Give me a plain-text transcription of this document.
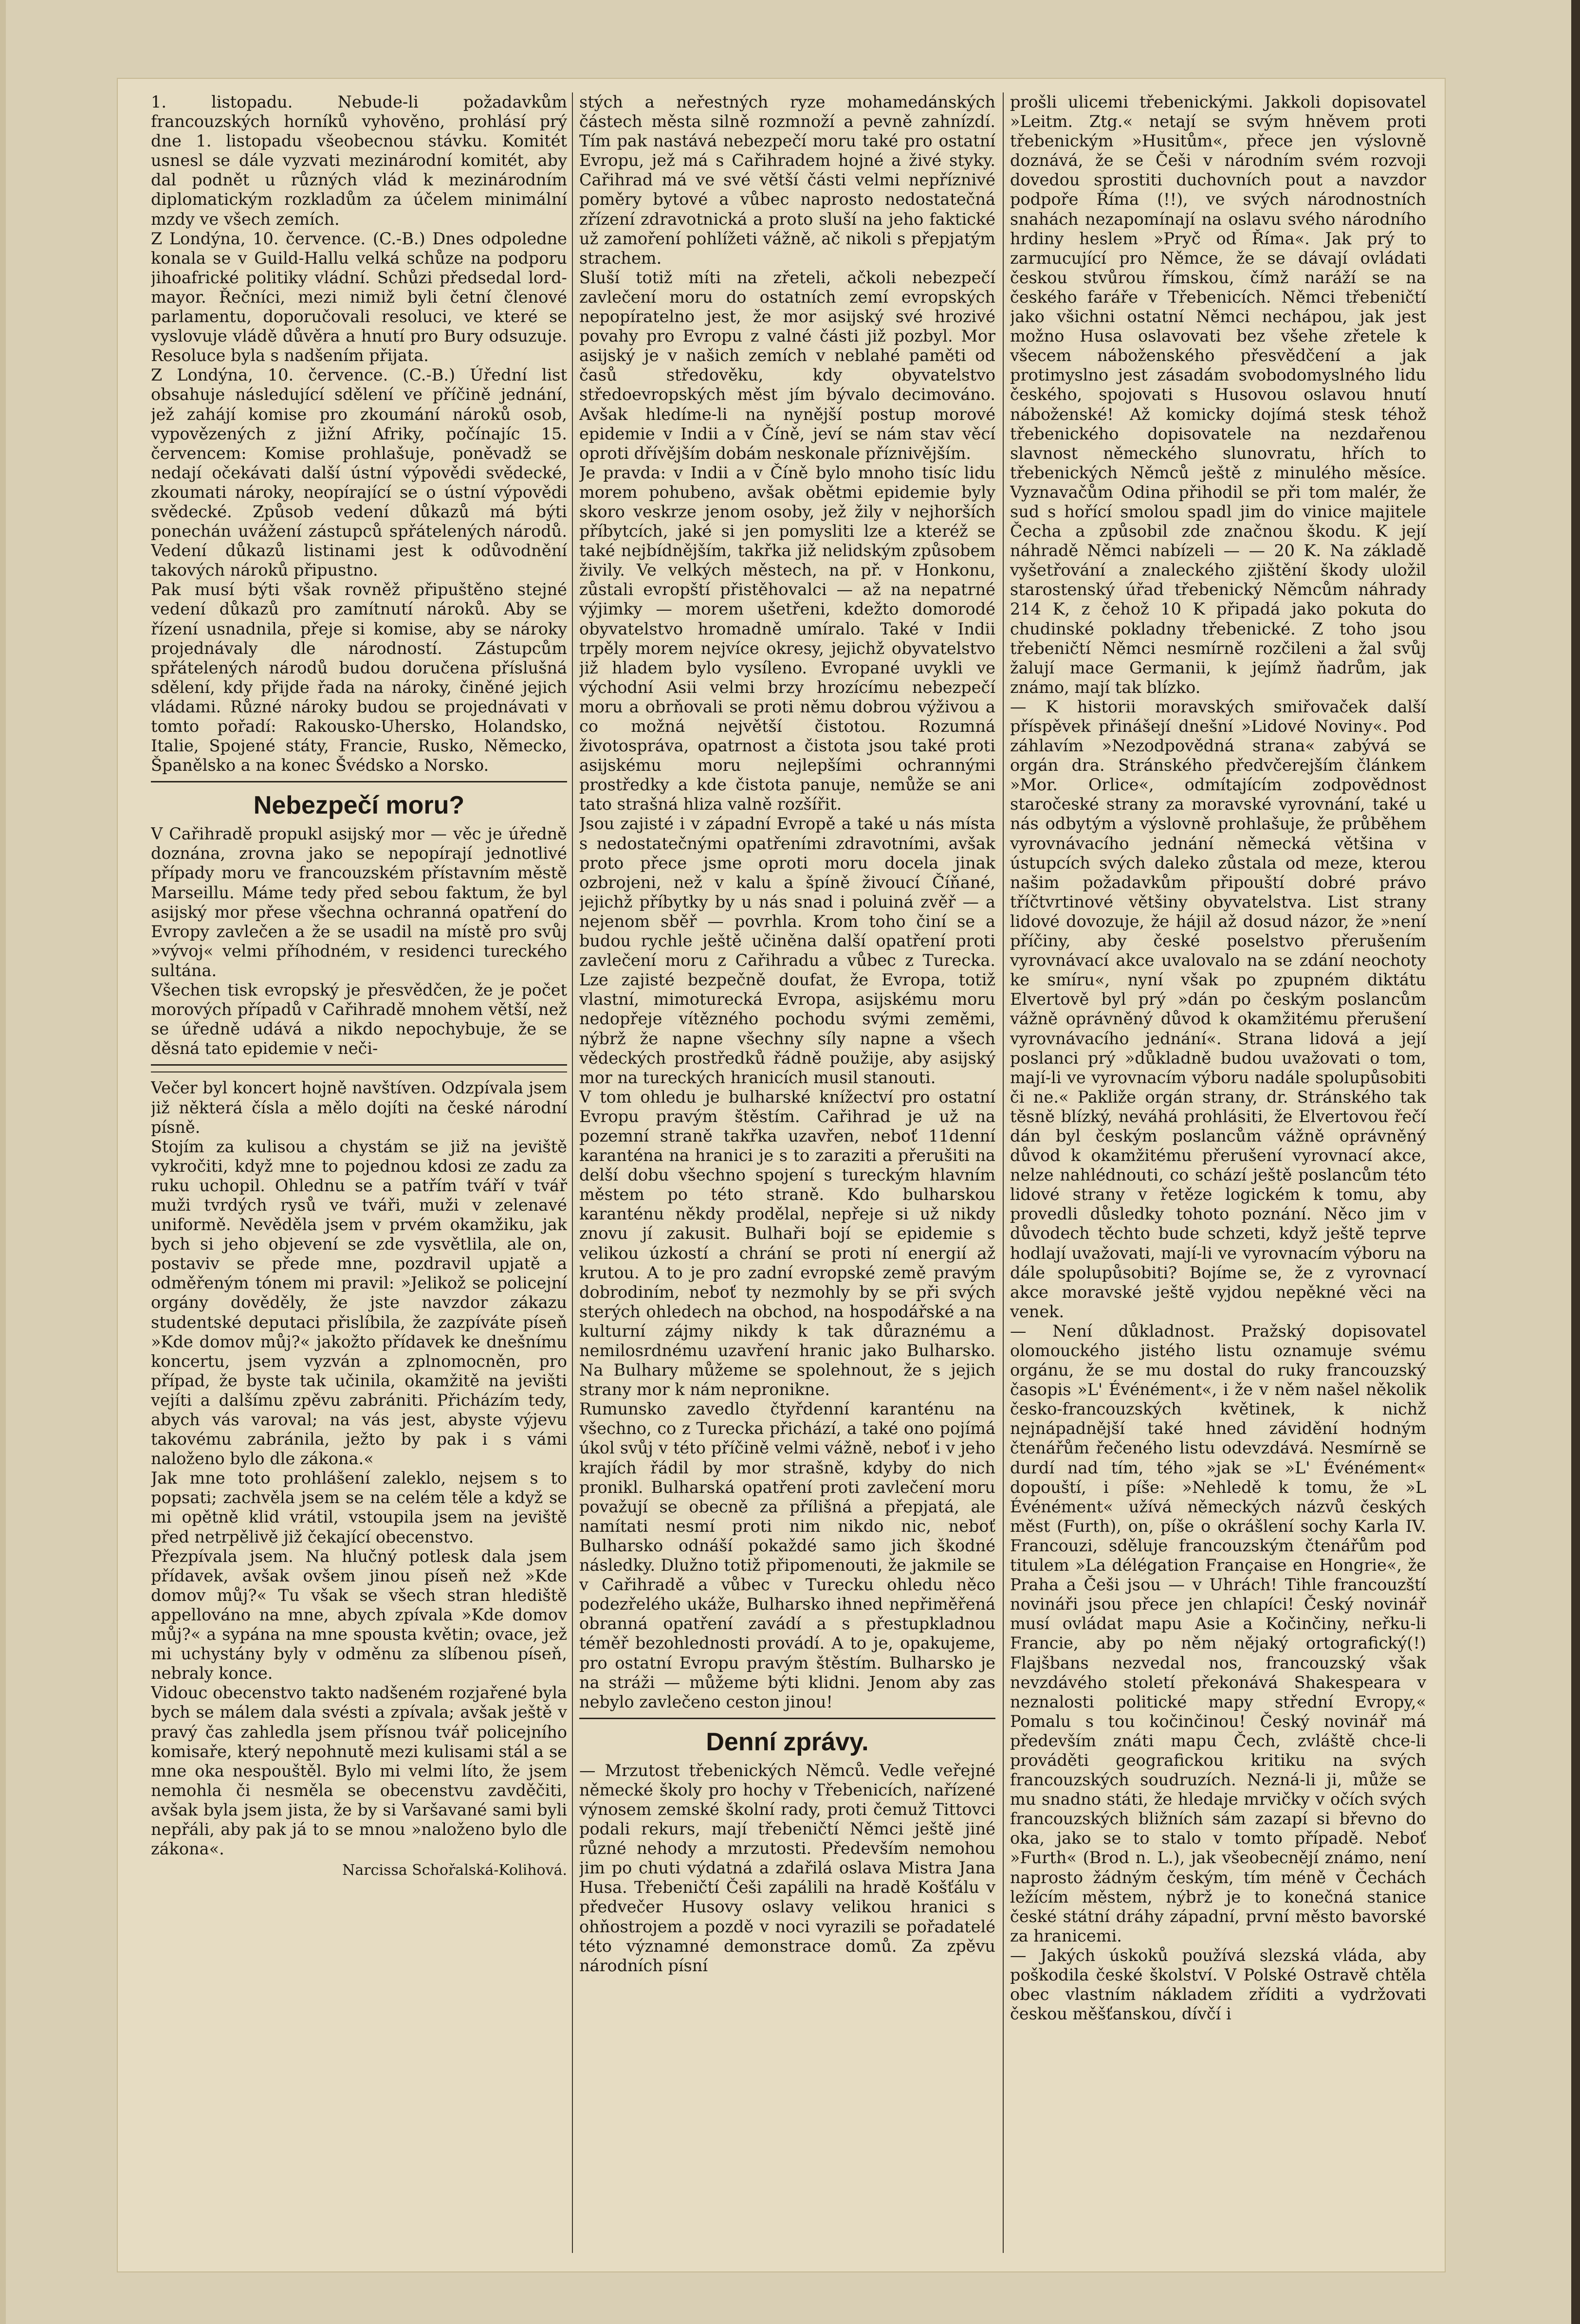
1. listopadu. Nebude-li požadavkům francouzských horníků vyhověno, prohlásí prý dne 1. listopadu všeobecnou stávku. Komitét usnesl se dále vyzvati mezinárodní komitét, aby dal podnět u různých vlád k mezinárodním diplomatickým rozkladům za účelem minimální mzdy ve všech zemích.

Z Londýna, 10. července. (C.-B.) Dnes odpoledne konala se v Guild-Hallu velká schůze na podporu jihoafrické politiky vládní. Schůzi předsedal lord-mayor. Řečníci, mezi nimiž byli četní členové parlamentu, doporučovali resoluci, ve které se vyslovuje vládě důvěra a hnutí pro Bury odsuzuje. Resoluce byla s nadšením přijata.

Z Londýna, 10. července. (C.-B.) Úřední list obsahuje následující sdělení ve příčině jednání, jež zahájí komise pro zkoumání nároků osob, vypovězených z jižní Afriky, počínajíc 15. červencem: Komise prohlašuje, poněvadž se nedají očekávati další ústní výpovědi svědecké, zkoumati nároky, neopírající se o ústní výpovědi svědecké. Způsob vedení důkazů má býti ponechán uvážení zástupců spřátelených národů. Vedení důkazů listinami jest k odůvodnění takových nároků připustno.

Pak musí býti však rovněž připuštěno stejné vedení důkazů pro zamítnutí nároků. Aby se řízení usnadnila, přeje si komise, aby se nároky projednávaly dle národností. Zástupcům spřátelených národů budou doručena příslušná sdělení, kdy přijde řada na nároky, činěné jejich vládami. Různé nároky budou se projednávati v tomto pořadí: Rakousko-Uhersko, Holandsko, Italie, Spojené státy, Francie, Rusko, Německo, Španělsko a na konec Švédsko a Norsko.

Nebezpečí moru?

V Cařihradě propukl asijský mor — věc je úředně doznána, zrovna jako se nepopírají jednotlivé případy moru ve francouzském přístavním městě Marseillu. Máme tedy před sebou faktum, že byl asijský mor přese všechna ochranná opatření do Evropy zavlečen a že se usadil na místě pro svůj »vývoj« velmi příhodném, v residenci tureckého sultána.

Všechen tisk evropský je přesvědčen, že je počet morových případů v Cařihradě mnohem větší, než se úředně udává a nikdo nepochybuje, že se děsná tato epidemie v neči-

Večer byl koncert hojně navštíven. Odzpívala jsem již některá čísla a mělo dojíti na české národní písně.

Stojím za kulisou a chystám se již na jeviště vykročiti, když mne to pojednou kdosi ze zadu za ruku uchopil. Ohlednu se a patřím tváří v tvář muži tvrdých rysů ve tváři, muži v zelenavé uniformě. Nevěděla jsem v prvém okamžiku, jak bych si jeho objevení se zde vysvětlila, ale on, postaviv se přede mne, pozdravil upjatě a odměřeným tónem mi pravil: »Jelikož se policejní orgány dověděly, že jste navzdor zákazu studentské deputaci přislíbila, že zazpíváte píseň »Kde domov můj?« jakožto přídavek ke dnešnímu koncertu, jsem vyzván a zplnomocněn, pro případ, že byste tak učinila, okamžitě na jevišti vejíti a dalšímu zpěvu zabrániti. Přicházím tedy, abych vás varoval; na vás jest, abyste výjevu takovému zabránila, ježto by pak i s vámi naloženo bylo dle zákona.«

Jak mne toto prohlášení zaleklo, nejsem s to popsati; zachvěla jsem se na celém těle a když se mi opětně klid vrátil, vstoupila jsem na jeviště před netrpělivě již čekající obecenstvo.

Přezpívala jsem. Na hlučný potlesk dala jsem přídavek, avšak ovšem jinou píseň než »Kde domov můj?« Tu však se všech stran hlediště appellováno na mne, abych zpívala »Kde domov můj?« a sypána na mne spousta květin; ovace, jež mi uchystány byly v odměnu za slíbenou píseň, nebraly konce.

Vidouc obecenstvo takto nadšeném rozjařené byla bych se málem dala svésti a zpívala; avšak ještě v pravý čas zahledla jsem přísnou tvář policejního komisaře, který nepohnutě mezi kulisami stál a se mne oka nespouštěl. Bylo mi velmi líto, že jsem nemohla či nesměla se obecenstvu zavděčiti, avšak byla jsem jista, že by si Varšavané sami byli nepřáli, aby pak já to se mnou »naloženo bylo dle zákona«.

Narcissa Schořalská-Kolihová.

stých a neřestných ryze mohamedánských částech města silně rozmnoží a pevně zahnízdí. Tím pak nastává nebezpečí moru také pro ostatní Evropu, jež má s Cařihradem hojné a živé styky. Cařihrad má ve své větší části velmi nepříznivé poměry bytové a vůbec naprosto nedostatečná zřízení zdravotnická a proto sluší na jeho faktické už zamoření pohlížeti vážně, ač nikoli s přepjatým strachem.

Sluší totiž míti na zřeteli, ačkoli nebezpečí zavlečení moru do ostatních zemí evropských nepopíratelno jest, že mor asijský své hrozivé povahy pro Evropu z valné části již pozbyl. Mor asijský je v našich zemích v neblahé paměti od časů středověku, kdy obyvatelstvo středoevropských měst jím bývalo decimováno. Avšak hledíme-li na nynější postup morové epidemie v Indii a v Číně, jeví se nám stav věcí oproti dřívějším dobám neskonale příznivějším.

Je pravda: v Indii a v Číně bylo mnoho tisíc lidu morem pohubeno, avšak obětmi epidemie byly skoro veskrze jenom osoby, jež žily v nejhorších příbytcích, jaké si jen pomysliti lze a kteréž se také nejbídnějším, takřka již nelidským způsobem živily. Ve velkých městech, na př. v Honkonu, zůstali evropští přistěhovalci — až na nepatrné výjimky — morem ušetřeni, kdežto domorodé obyvatelstvo hromadně umíralo. Také v Indii trpěly morem nejvíce okresy, jejichž obyvatelstvo již hladem bylo vysíleno. Evropané uvykli ve východní Asii velmi brzy hrozícímu nebezpečí moru a obrňovali se proti němu dobrou výživou a co možná největší čistotou. Rozumná životospráva, opatrnost a čistota jsou také proti asijskému moru nejlepšími ochrannými prostředky a kde čistota panuje, nemůže se ani tato strašná hliza valně rozšířit.

Jsou zajisté i v západní Evropě a také u nás místa s nedostatečnými opatřeními zdravotními, avšak proto přece jsme oproti moru docela jinak ozbrojeni, než v kalu a špíně živoucí Číňané, jejichž příbytky by u nás snad i poluiná zvěř — a nejenom sběř — povrhla. Krom toho činí se a budou rychle ještě učiněna další opatření proti zavlečení moru z Cařihradu a vůbec z Turecka. Lze zajisté bezpečně doufat, že Evropa, totiž vlastní, mimoturecká Evropa, asijskému moru nedopřeje vítězného pochodu svými zeměmi, nýbrž že napne všechny síly napne a všech vědeckých prostředků řádně použije, aby asijský mor na tureckých hranicích musil stanouti.

V tom ohledu je bulharské knížectví pro ostatní Evropu pravým štěstím. Cařihrad je už na pozemní straně takřka uzavřen, neboť 11denní karanténa na hranici je s to zaraziti a přerušiti na delší dobu všechno spojení s tureckým hlavním městem po této straně. Kdo bulharskou karanténu někdy prodělal, nepřeje si už nikdy znovu jí zakusit. Bulhaři bojí se epidemie s velikou úzkostí a chrání se proti ní energií až krutou. A to je pro zadní evropské země pravým dobrodiním, neboť ty nezmohly by se při svých sterých ohledech na obchod, na hospodářské a na kulturní zájmy nikdy k tak důraznému a nemilosrdnému uzavření hranic jako Bulharsko. Na Bulhary můžeme se spolehnout, že s jejich strany mor k nám nepronikne.

Rumunsko zavedlo čtyřdenní karanténu na všechno, co z Turecka přichází, a také ono pojímá úkol svůj v této příčině velmi vážně, neboť i v jeho krajích řádil by mor strašně, kdyby do nich pronikl. Bulharská opatření proti zavlečení moru považují se obecně za přílišná a přepjatá, ale namítati nesmí proti nim nikdo nic, neboť Bulharsko odnáší pokaždé samo jich škodné následky. Dlužno totiž připomenouti, že jakmile se v Cařihradě a vůbec v Turecku ohledu něco podezřelého ukáže, Bulharsko ihned nepřiměřená obranná opatření zavádí a s přestupkladnou téměř bezohlednosti provádí. A to je, opakujeme, pro ostatní Evropu pravým štěstím. Bulharsko je na stráži — můžeme býti klidni. Jenom aby zas nebylo zavlečeno ceston jinou!

Denní zprávy.

— Mrzutost třebenických Němců. Vedle veřejné německé školy pro hochy v Třebenicích, nařízené výnosem zemské školní rady, proti čemuž Tittovci podali rekurs, mají třebeničtí Němci ještě jiné různé nehody a mrzutosti. Především nemohou jim po chuti výdatná a zdařilá oslava Mistra Jana Husa. Třebeničtí Češi zapálili na hradě Košťálu v předvečer Husovy oslavy velikou hranici s ohňostrojem a pozdě v noci vyrazili se pořadatelé této významné demonstrace domů. Za zpěvu národních písní

prošli ulicemi třebenickými. Jakkoli dopisovatel »Leitm. Ztg.« netají se svým hněvem proti třebenickým »Husitům«, přece jen výslovně doznává, že se Češi v národním svém rozvoji dovedou sprostiti duchovních pout a navzdor podpoře Říma (!!), ve svých národnostních snahách nezapomínají na oslavu svého národního hrdiny heslem »Pryč od Říma«. Jak prý to zarmucující pro Němce, že se dávají ovládati českou stvůrou římskou, čímž naráží se na českého faráře v Třebenicích. Němci třebeničtí jako všichni ostatní Němci nechápou, jak jest možno Husa oslavovati bez všehe zřetele k všecem náboženského přesvědčení a jak protimyslno jest zásadám svobodomyslného lidu českého, spojovati s Husovou oslavou hnutí náboženské! Až komicky dojímá stesk téhož třebenického dopisovatele na nezdařenou slavnost německého slunovratu, hřích to třebenických Němců ještě z minulého měsíce. Vyznavačům Odina přihodil se při tom malér, že sud s hořící smolou spadl jim do vinice majitele Čecha a způsobil zde značnou škodu. K její náhradě Němci nabízeli — — 20 K. Na základě vyšetřování a znaleckého zjištění škody uložil starostenský úřad třebenický Němcům náhrady 214 K, z čehož 10 K připadá jako pokuta do chudinské pokladny třebenické. Z toho jsou třebeničtí Němci nesmírně rozčileni a žal svůj žalují mace Germanii, k jejímž ňadrům, jak známo, mají tak blízko.

— K historii moravských smiřovaček další příspěvek přinášejí dnešní »Lidové Noviny«. Pod záhlavím »Nezodpovědná strana« zabývá se orgán dra. Stránského předvčerejším článkem »Mor. Orlice«, odmítajícím zodpovědnost staročeské strany za moravské vyrovnání, také u nás odbytým a výslovně prohlašuje, že průběhem vyrovnávacího jednání německá většina v ústupcích svých daleko zůstala od meze, kterou našim požadavkům připouští dobré právo tříčtvrtinové většiny obyvatelstva. List strany lidové dovozuje, že hájil až dosud názor, že »není příčiny, aby české poselstvo přerušením vyrovnávací akce uvalovalo na se zdání neochoty ke smíru«, nyní však po zpupném diktátu Elvertově byl prý »dán po českým poslancům vážně oprávněný důvod k okamžitému přerušení vyrovnávacího jednání«. Strana lidová a její poslanci prý »důkladně budou uvažovati o tom, mají-li ve vyrovnacím výboru nadále spolupůsobiti či ne.« Pakliže orgán strany, dr. Stránského tak těsně blízký, neváhá prohlásiti, že Elvertovou řečí dán byl českým poslancům vážně oprávněný důvod k okamžitému přerušení vyrovnací akce, nelze nahlédnouti, co schází ještě poslancům této lidové strany v řetěze logickém k tomu, aby provedli důsledky tohoto poznání. Něco jim v důvodech těchto bude schzeti, když ještě teprve hodlají uvažovati, mají-li ve vyrovnacím výboru na dále spolupůsobiti? Bojíme se, že z vyrovnací akce moravské ještě vyjdou nepěkné věci na venek.

— Není důkladnost. Pražský dopisovatel olomouckého jistého listu oznamuje svému orgánu, že se mu dostal do ruky francouzský časopis »L' Événément«, i že v něm našel několik česko-francouzských květinek, k nichž nejnápadnější také hned závidění hodným čtenářům řečeného listu odevzdává. Nesmírně se durdí nad tím, tého »jak se »L' Événément« dopouští, i píše: »Nehledě k tomu, že »L Événément« užívá německých názvů českých měst (Furth), on, píše o okrášlení sochy Karla IV. Francouzi, sděluje francouzským čtenářům pod titulem »La délégation Française en Hongrie«, že Praha a Češi jsou — v Uhrách! Tihle francouzští novináři jsou přece jen chlapíci! Český novinář musí ovládat mapu Asie a Kočinčiny, neřku-li Francie, aby po něm nějaký ortografický(!) Flajšbans nezvedal nos, francouzský však nevzdávého století překonává Shakespeara v neznalosti politické mapy střední Evropy,« Pomalu s tou kočinčinou! Český novinář má především znáti mapu Čech, zvláště chce-li prováděti geografickou kritiku na svých francouzských soudruzích. Nezná-li ji, může se mu snadno státi, že hledaje mrvičky v očích svých francouzských bližních sám zazapí si břevno do oka, jako se to stalo v tomto případě. Neboť »Furth« (Brod n. L.), jak všeobecnějí známo, není naprosto žádným českým, tím méně v Čechách ležícím městem, nýbrž je to konečná stanice české státní dráhy západní, první město bavorské za hranicemi.

— Jakých úskoků používá slezská vláda, aby poškodila české školství. V Polské Ostravě chtěla obec vlastním nákladem zříditi a vydržovati českou měšťanskou, dívčí i
